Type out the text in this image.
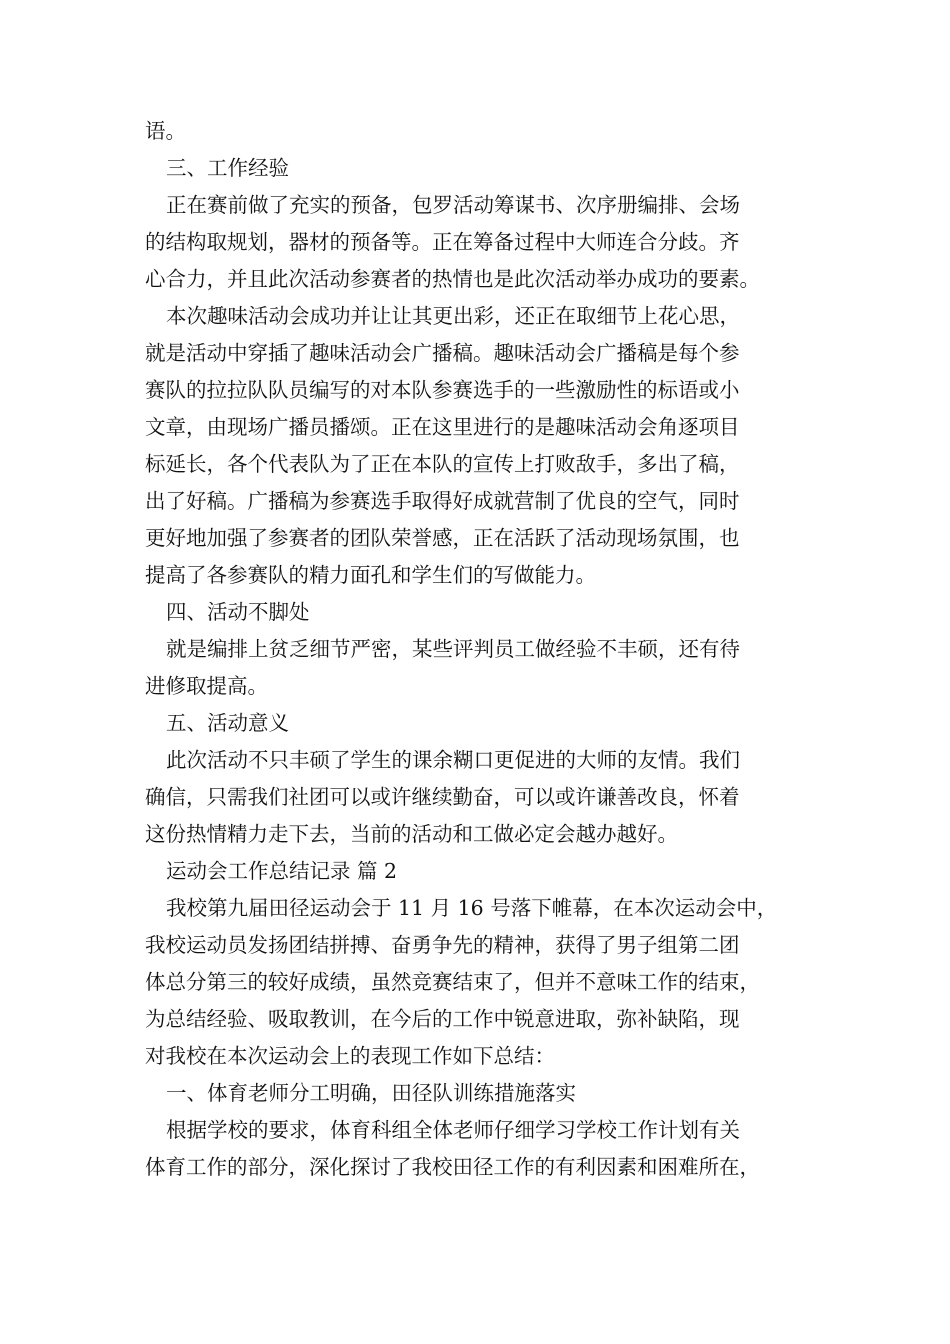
语。
三、工作经验
正在赛前做了充实的预备，包罗活动筹谋书、次序册编排、会场
的结构取规划，器材的预备等。正在筹备过程中大师连合分歧。齐
心合力，并且此次活动参赛者的热情也是此次活动举办成功的要素。
本次趣味活动会成功并让让其更出彩，还正在取细节上花心思，
就是活动中穿插了趣味活动会广播稿。趣味活动会广播稿是每个参
赛队的拉拉队队员编写的对本队参赛选手的一些激励性的标语或小
文章，由现场广播员播颂。正在这里进行的是趣味活动会角逐项目
标延长，各个代表队为了正在本队的宣传上打败敌手，多出了稿，
出了好稿。广播稿为参赛选手取得好成就营制了优良的空气，同时
更好地加强了参赛者的团队荣誉感，正在活跃了活动现场氛围，也
提高了各参赛队的精力面孔和学生们的写做能力。
四、活动不脚处
就是编排上贫乏细节严密，某些评判员工做经验不丰硕，还有待
进修取提高。
五、活动意义
此次活动不只丰硕了学生的课余糊口更促进的大师的友情。我们
确信，只需我们社团可以或许继续勤奋，可以或许谦善改良，怀着
这份热情精力走下去，当前的活动和工做必定会越办越好。
运动会工作总结记录 篇 2
我校第九届田径运动会于 11 月 16 号落下帷幕，在本次运动会中，
我校运动员发扬团结拼搏、奋勇争先的精神，获得了男子组第二团
体总分第三的较好成绩，虽然竞赛结束了，但并不意味工作的结束，
为总结经验、吸取教训，在今后的工作中锐意进取，弥补缺陷，现
对我校在本次运动会上的表现工作如下总结：
一、体育老师分工明确，田径队训练措施落实
根据学校的要求，体育科组全体老师仔细学习学校工作计划有关
体育工作的部分，深化探讨了我校田径工作的有利因素和困难所在，
